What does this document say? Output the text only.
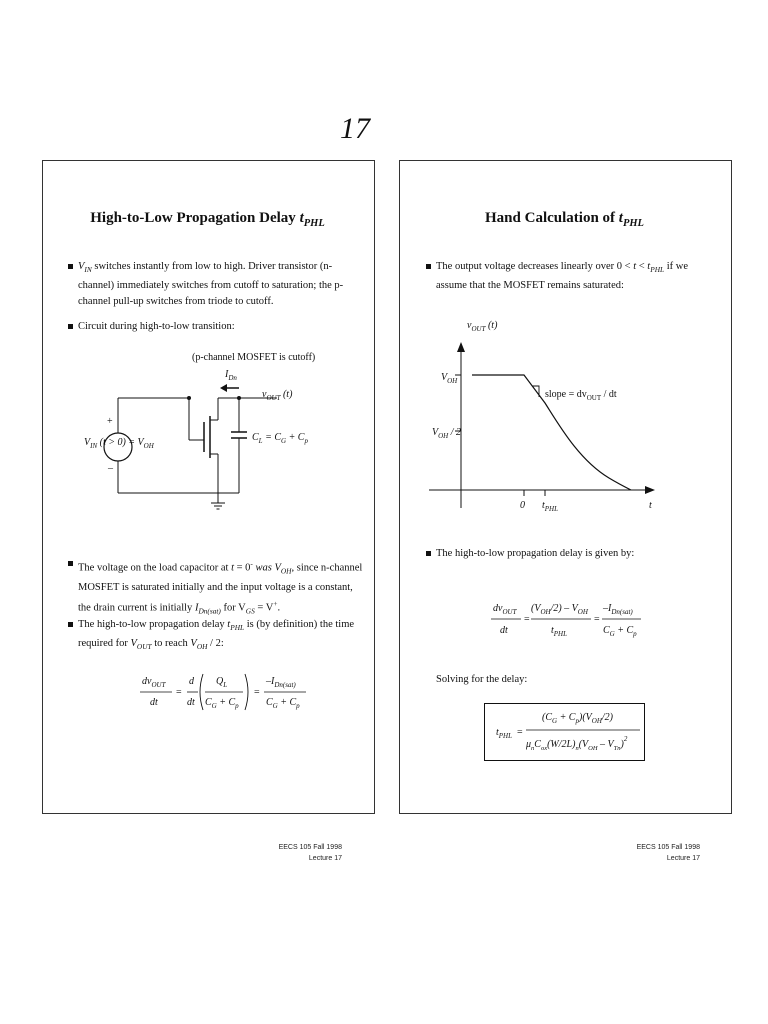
17
High-to-Low Propagation Delay $t_{PHL}$
$V_{IN}$ switches instantly from low to high. Driver transistor (n-channel) immediately switches from cutoff to saturation; the p-channel pull-up switches from triode to cutoff.
Circuit during high-to-low transition:
(p-channel MOSFET is cutoff)
$I_{Dn}$
$v_{OUT}$ (t)
+
–
$C_L = C_G + C_p$
$V_{IN}$ $(t > 0) = V_{OH}$
The voltage on the load capacitor at t = 0- was $V_{OH}$, since n-channel MOSFET is saturated initially and the input voltage is a constant, the drain current is initially $I_{Dn(sat)}$ for $V_{GS} = V^+$.
The high-to-low propagation delay $t_{PHL}$ is (by definition) the time required for $V_{OUT}$ to reach $V_{OH} / 2$:
$dv_{OUT}$
dt
=
d
dt
$Q_L$
$C_G + C_p$
=
$-I_{Dn(sat)}$
$C_G + C_p$
EECS 105 Fall 1998
Lecture 17
Hand Calculation of $t_{PHL}$
The output voltage decreases linearly over $0 < t < t_{PHL}$ if we assume that the MOSFET remains saturated:
$v_{OUT}$ (t)
$V_{OH}$
$V_{OH} / 2$
slope = $dv_{OUT}$ / dt
0 $t_{PHL}$	t
The high-to-low propagation delay is given by:
$dv_{OUT}$
dt
=
$(V_{OH}/2) - V_{OH}$
$t_{PHL}$
=
$-I_{Dn(sat)}$
$C_G + C_p$
Solving for the delay:
$t_{PHL}$ =
$(C_G + C_p)(V_{OH}/2)$
$\mu_nC_{ox}(W/2L)_n(V_{OH} - V_{Tn})^2$
EECS 105 Fall 1998
Lecture 17
